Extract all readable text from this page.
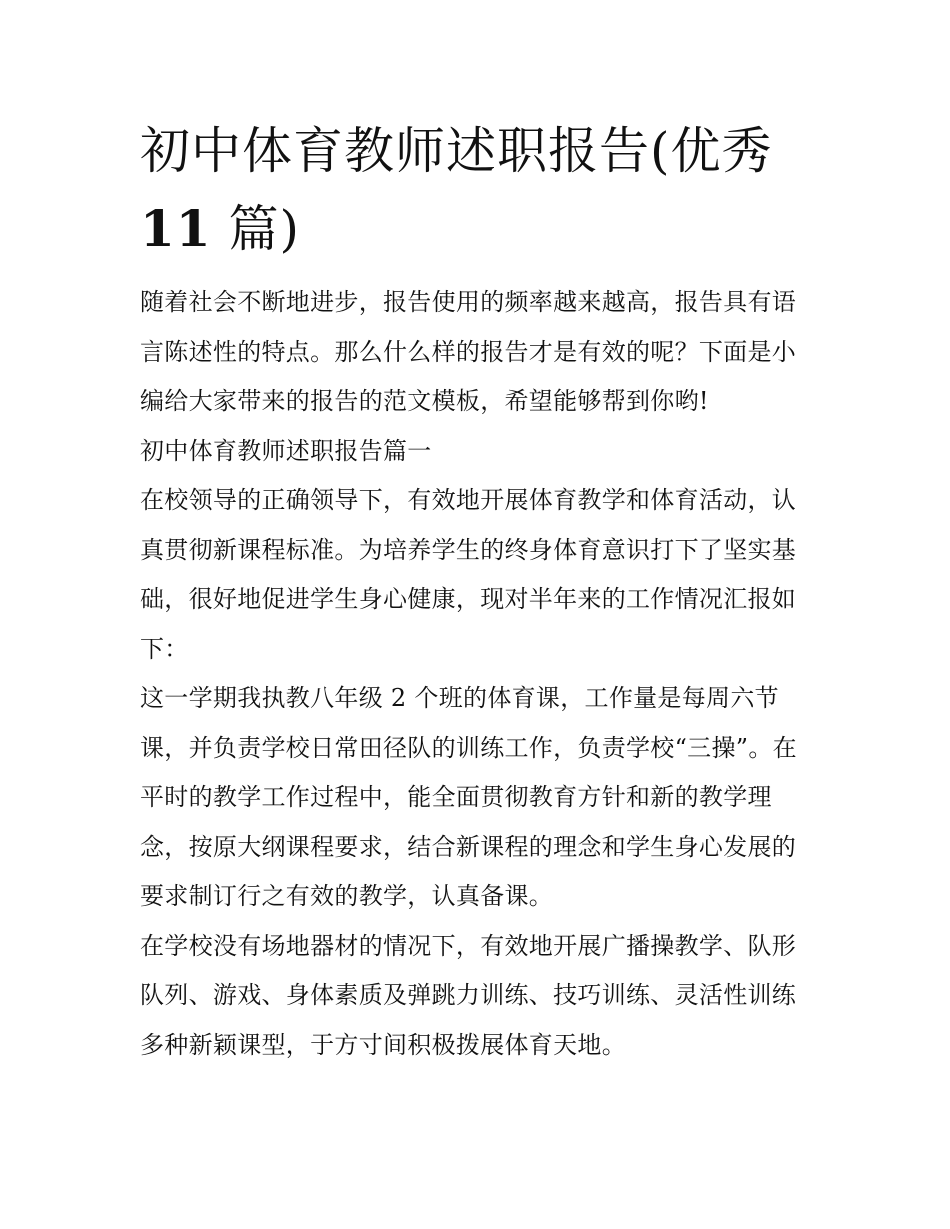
初中体育教师述职报告(优秀
11 篇)

随着社会不断地进步，报告使用的频率越来越高，报告具有语言陈述性的特点。那么什么样的报告才是有效的呢？下面是小编给大家带来的报告的范文模板，希望能够帮到你哟!

初中体育教师述职报告篇一

在校领导的正确领导下，有效地开展体育教学和体育活动，认真贯彻新课程标准。为培养学生的终身体育意识打下了坚实基础，很好地促进学生身心健康，现对半年来的工作情况汇报如下：

这一学期我执教八年级 2 个班的体育课，工作量是每周六节课，并负责学校日常田径队的训练工作，负责学校“三操”。在平时的教学工作过程中，能全面贯彻教育方针和新的教学理念，按原大纲课程要求，结合新课程的理念和学生身心发展的要求制订行之有效的教学，认真备课。

在学校没有场地器材的情况下，有效地开展广播操教学、队形队列、游戏、身体素质及弹跳力训练、技巧训练、灵活性训练多种新颖课型，于方寸间积极拨展体育天地。
